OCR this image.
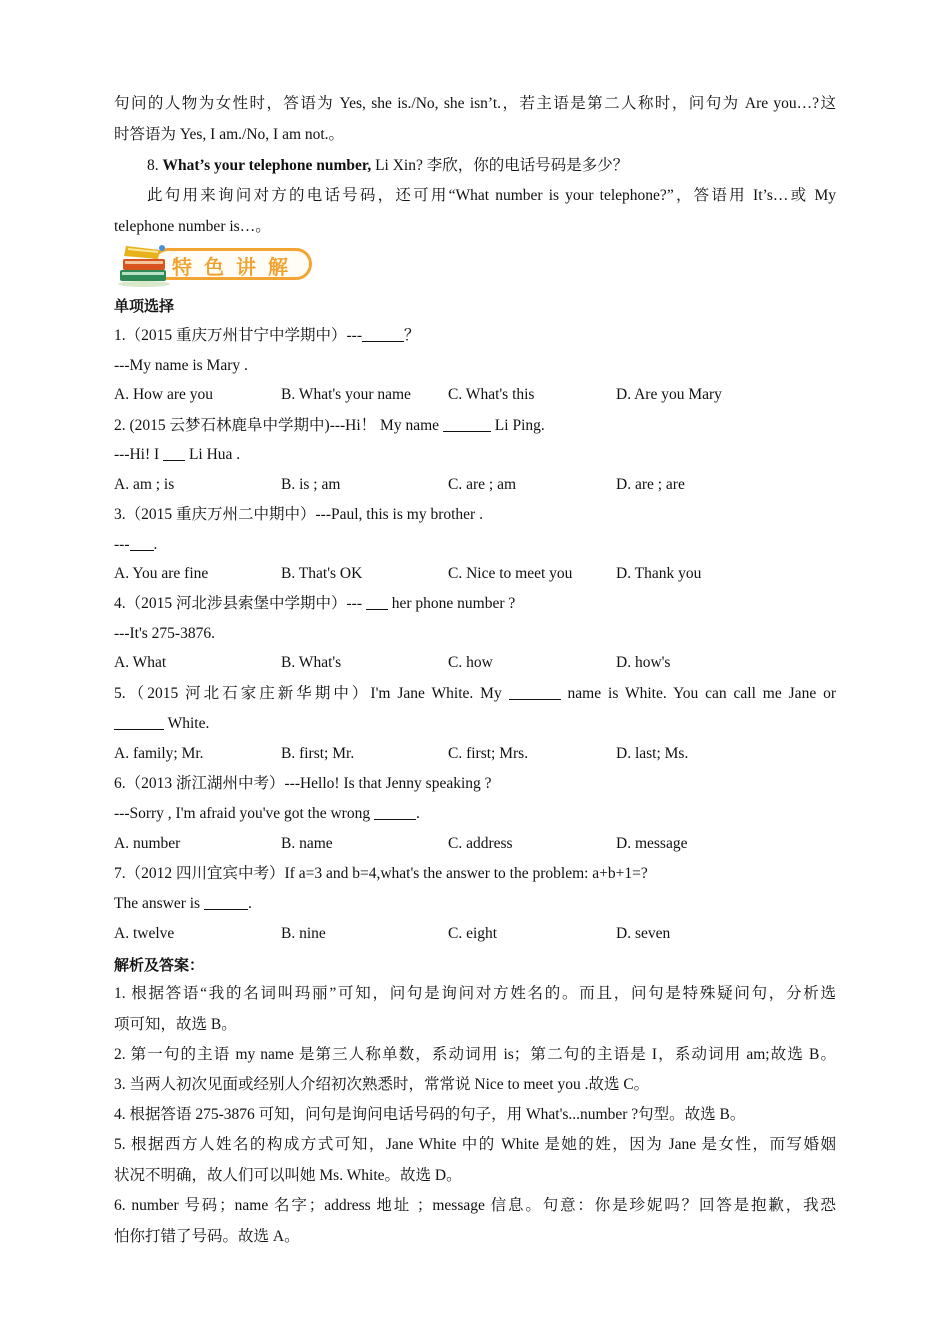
句问的人物为女性时，答语为 Yes, she is./No, she isn’t.，若主语是第二人称时，问句为 Are you…?这
时答语为 Yes, I am./No, I am not.。
8. What’s your telephone number, Li Xin? 李欣，你的电话号码是多少？
此句用来询问对方的电话号码，还可用“What number is your telephone?”，答语用 It’s…或 My
telephone number is…。
特色讲解
单项选择
1.（2015 重庆万州甘宁中学期中）---	？
---My name is Mary .
A. How are you	B. What's your name C. What's this	D. Are you Mary
2. (2015 云梦石林鹿阜中学期中)---Hi！ My name	Li Ping.
---Hi! I  Li Hua .
A. am ; is	B. is ; am	C. are ; am	D. are ; are
3.（2015 重庆万州二中期中）---Paul, this is my brother .
--- .
A. You are fine	B. That's OK	C. Nice to meet you	D. Thank you
4.（2015 河北涉县索堡中学期中）---  her phone number ?
---It's 275-3876.
A. What	B. What's	C. how	D. how's
5.（2015 河北石家庄新华期中）I'm Jane White. My	name is White. You can call me Jane or
White.
A. family; Mr.	B. first; Mr.	C. first; Mrs.	D. last; Ms.
6.（2013 浙江湖州中考）---Hello! Is that Jenny speaking ?
---Sorry , I'm afraid you've got the wrong	.
A. number	B. name	C. address	D. message
7.（2012 四川宜宾中考）If a=3 and b=4,what's the answer to the problem: a+b+1=?
The answer is	.
A. twelve	B. nine	C. eight	D. seven
解析及答案：
1. 根据答语“我的名词叫玛丽”可知，问句是询问对方姓名的。而且，问句是特殊疑问句，分析选
项可知，故选 B。
2. 第一句的主语 my name 是第三人称单数，系动词用 is；第二句的主语是 I，系动词用 am;故选 B。
3. 当两人初次见面或经别人介绍初次熟悉时，常常说 Nice to meet you .故选 C。
4. 根据答语 275-3876 可知，问句是询问电话号码的句子，用 What's...number ?句型。故选 B。
5. 根据西方人姓名的构成方式可知，Jane White 中的 White 是她的姓，因为 Jane 是女性，而写婚姻
状况不明确，故人们可以叫她 Ms. White。故选 D。
6. number 号码；name 名字；address 地址 ；message 信息。句意：你是珍妮吗？回答是抱歉，我恐
怕你打错了号码。故选 A。
